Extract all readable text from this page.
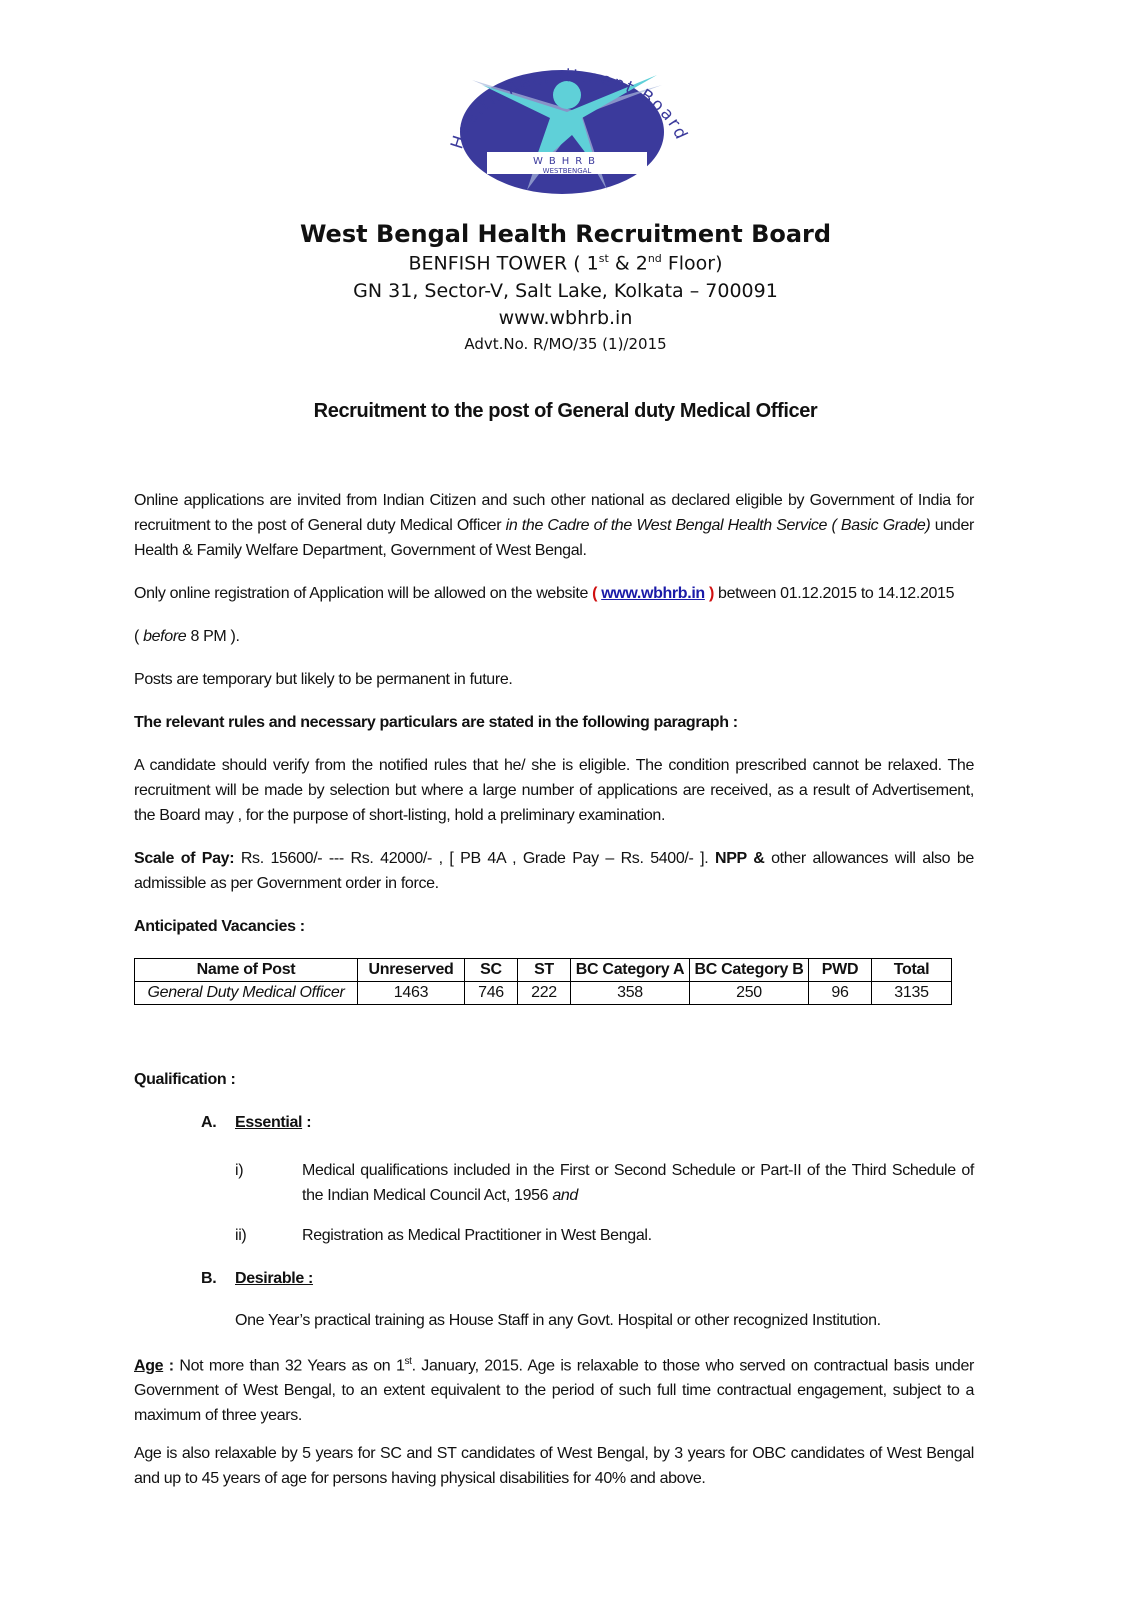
WBHRB
WESTBENGAL
Health Recruitment Board
West Bengal Health Recruitment Board
BENFISH TOWER ( 1st & 2nd Floor)
GN 31, Sector-V, Salt Lake, Kolkata – 700091
www.wbhrb.in
Advt.No. R/MO/35 (1)/2015
Recruitment to the post of General duty Medical Officer
Online applications are invited from Indian Citizen and such other national as declared eligible by Government of India for recruitment to the post of General duty Medical Officer in the Cadre of the West Bengal Health Service ( Basic Grade) under Health & Family Welfare Department, Government of West Bengal.
Only online registration of Application will be allowed on the website ( www.wbhrb.in ) between 01.12.2015 to 14.12.2015
( before 8 PM ).
Posts are temporary but likely to be permanent in future.
The relevant rules and necessary particulars are stated in the following paragraph :
A candidate should verify from the notified rules that he/ she is eligible. The condition prescribed cannot be relaxed. The recruitment will be made by selection but where a large number of applications are received, as a result of Advertisement, the Board may , for the purpose of short-listing, hold a preliminary examination.
Scale of Pay: Rs. 15600/- --- Rs. 42000/- , [ PB 4A , Grade Pay – Rs. 5400/- ]. NPP & other allowances will also be admissible as per Government order in force.
Anticipated Vacancies :
Name of Post	Unreserved	SC	ST	BC Category A	BC Category B	PWD	Total
General Duty Medical Officer	1463	746	222	358	250	96	3135
Qualification :
A.	Essential :
i)	Medical qualifications included in the First or Second Schedule or Part-II of the Third Schedule of the Indian Medical Council Act, 1956 and
ii)	Registration as Medical Practitioner in West Bengal.
B.	Desirable :
One Year’s practical training as House Staff in any Govt. Hospital or other recognized Institution.
Age : Not more than 32 Years as on 1st. January, 2015. Age is relaxable to those who served on contractual basis under Government of West Bengal, to an extent equivalent to the period of such full time contractual engagement, subject to a maximum of three years.
Age is also relaxable by 5 years for SC and ST candidates of West Bengal, by 3 years for OBC candidates of West Bengal and up to 45 years of age for persons having physical disabilities for 40% and above.
